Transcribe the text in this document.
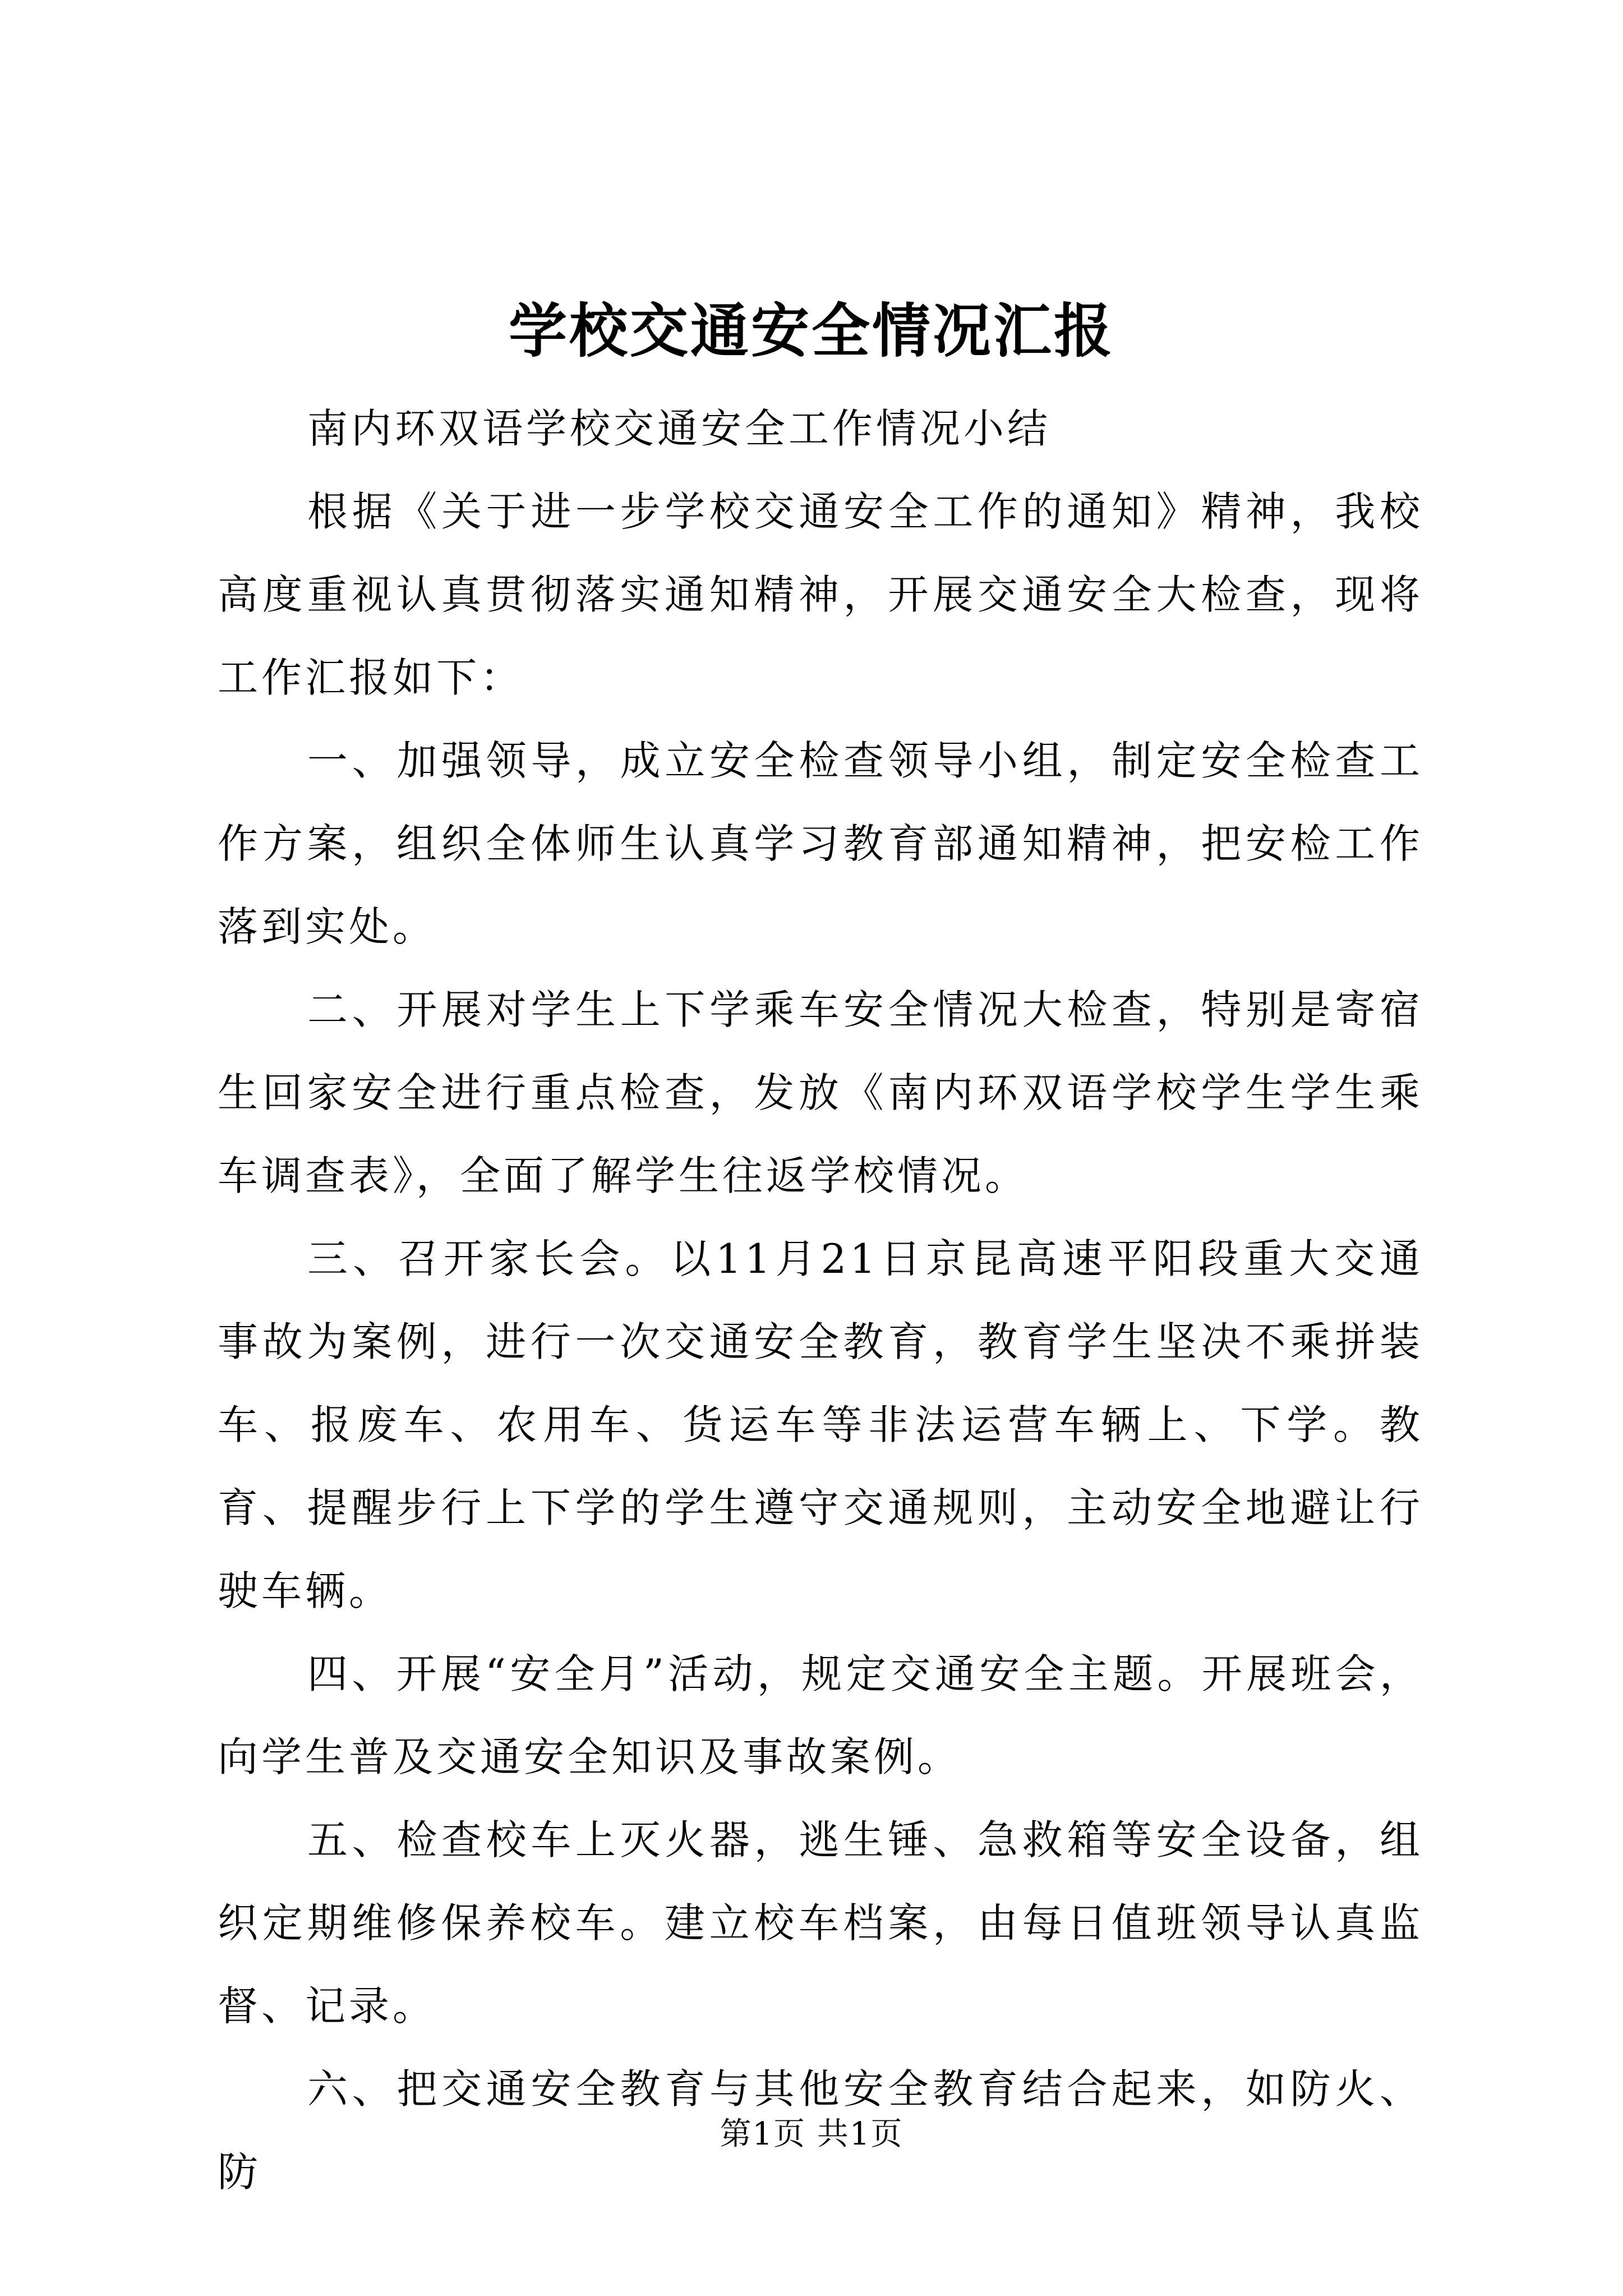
学校交通安全情况汇报

南内环双语学校交通安全工作情况小结

根据《关于进一步学校交通安全工作的通知》精神，我校高度重视认真贯彻落实通知精神，开展交通安全大检查，现将工作汇报如下：

一、加强领导，成立安全检查领导小组，制定安全检查工作方案，组织全体师生认真学习教育部通知精神，把安检工作落到实处。

二、开展对学生上下学乘车安全情况大检查，特别是寄宿生回家安全进行重点检查，发放《南内环双语学校学生学生乘车调查表》，全面了解学生往返学校情况。

三、召开家长会。以11月21日京昆高速平阳段重大交通事故为案例，进行一次交通安全教育，教育学生坚决不乘拼装车、报废车、农用车、货运车等非法运营车辆上、下学。教育、提醒步行上下学的学生遵守交通规则，主动安全地避让行驶车辆。

四、开展“安全月”活动，规定交通安全主题。开展班会，向学生普及交通安全知识及事故案例。

五、检查校车上灭火器，逃生锤、急救箱等安全设备，组织定期维修保养校车。建立校车档案，由每日值班领导认真监督、记录。

六、把交通安全教育与其他安全教育结合起来，如防火、防

第1页 共1页
